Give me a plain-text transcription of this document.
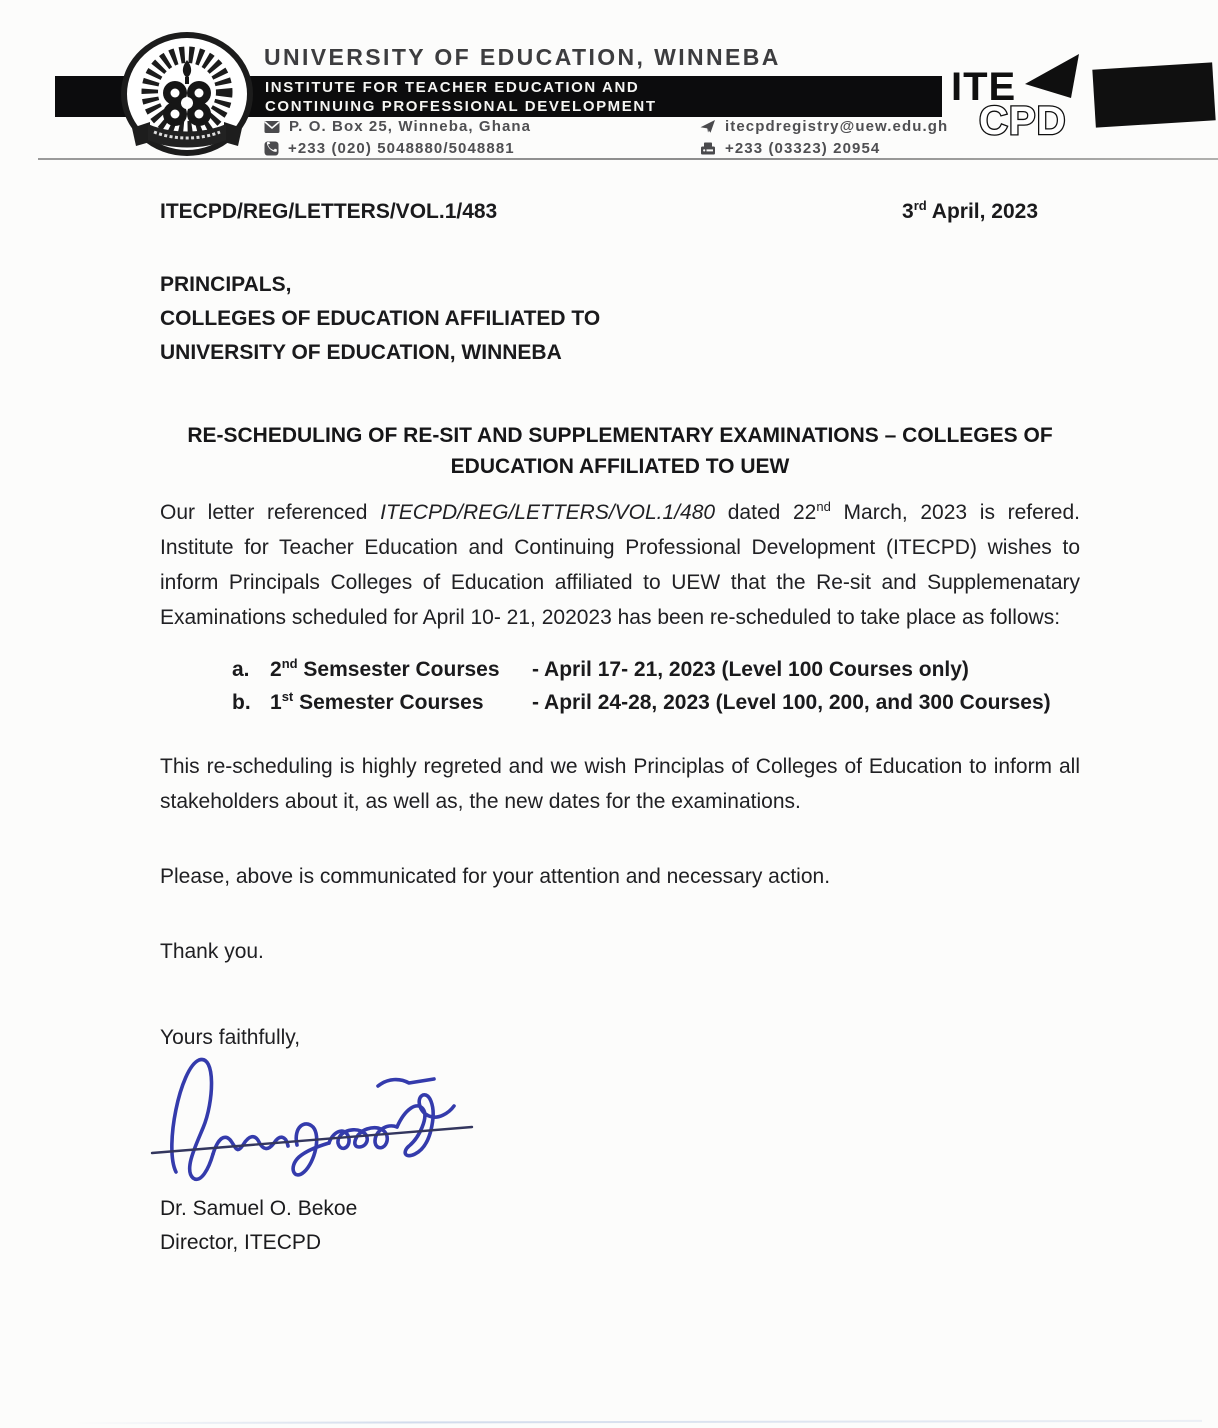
INSTITUTE FOR TEACHER EDUCATION AND
CONTINUING PROFESSIONAL DEVELOPMENT
UNIVERSITY OF EDUCATION, WINNEBA
P. O. Box 25, Winneba, Ghana
+233 (020) 5048880/5048881
itecpdregistry@uew.edu.gh
+233 (03323) 20954
ITE
CPD
ITECPD/REG/LETTERS/VOL.1/483	3rd April, 2023
PRINCIPALS,
COLLEGES OF EDUCATION AFFILIATED TO
UNIVERSITY OF EDUCATION, WINNEBA
RE-SCHEDULING OF RE-SIT AND SUPPLEMENTARY EXAMINATIONS – COLLEGES OF EDUCATION AFFILIATED TO UEW
Our letter referenced ITECPD/REG/LETTERS/VOL.1/480 dated 22nd March, 2023 is refered. Institute for Teacher Education and Continuing Professional Development (ITECPD) wishes to inform Principals Colleges of Education affiliated to UEW that the Re-sit and Supplemenatary Examinations scheduled for April 10- 21, 202023 has been re-scheduled to take place as follows:
a. 2nd Semsester Courses	- April 17- 21, 2023 (Level 100 Courses only)
b. 1st Semester Courses	- April 24-28, 2023 (Level 100, 200, and 300 Courses)
This re-scheduling is highly regreted and we wish Principlas of Colleges of Education to inform all stakeholders about it, as well as, the new dates for the examinations.
Please, above is communicated for your attention and necessary action.
Thank you.
Yours faithfully,
Dr. Samuel O. Bekoe
Director, ITECPD
